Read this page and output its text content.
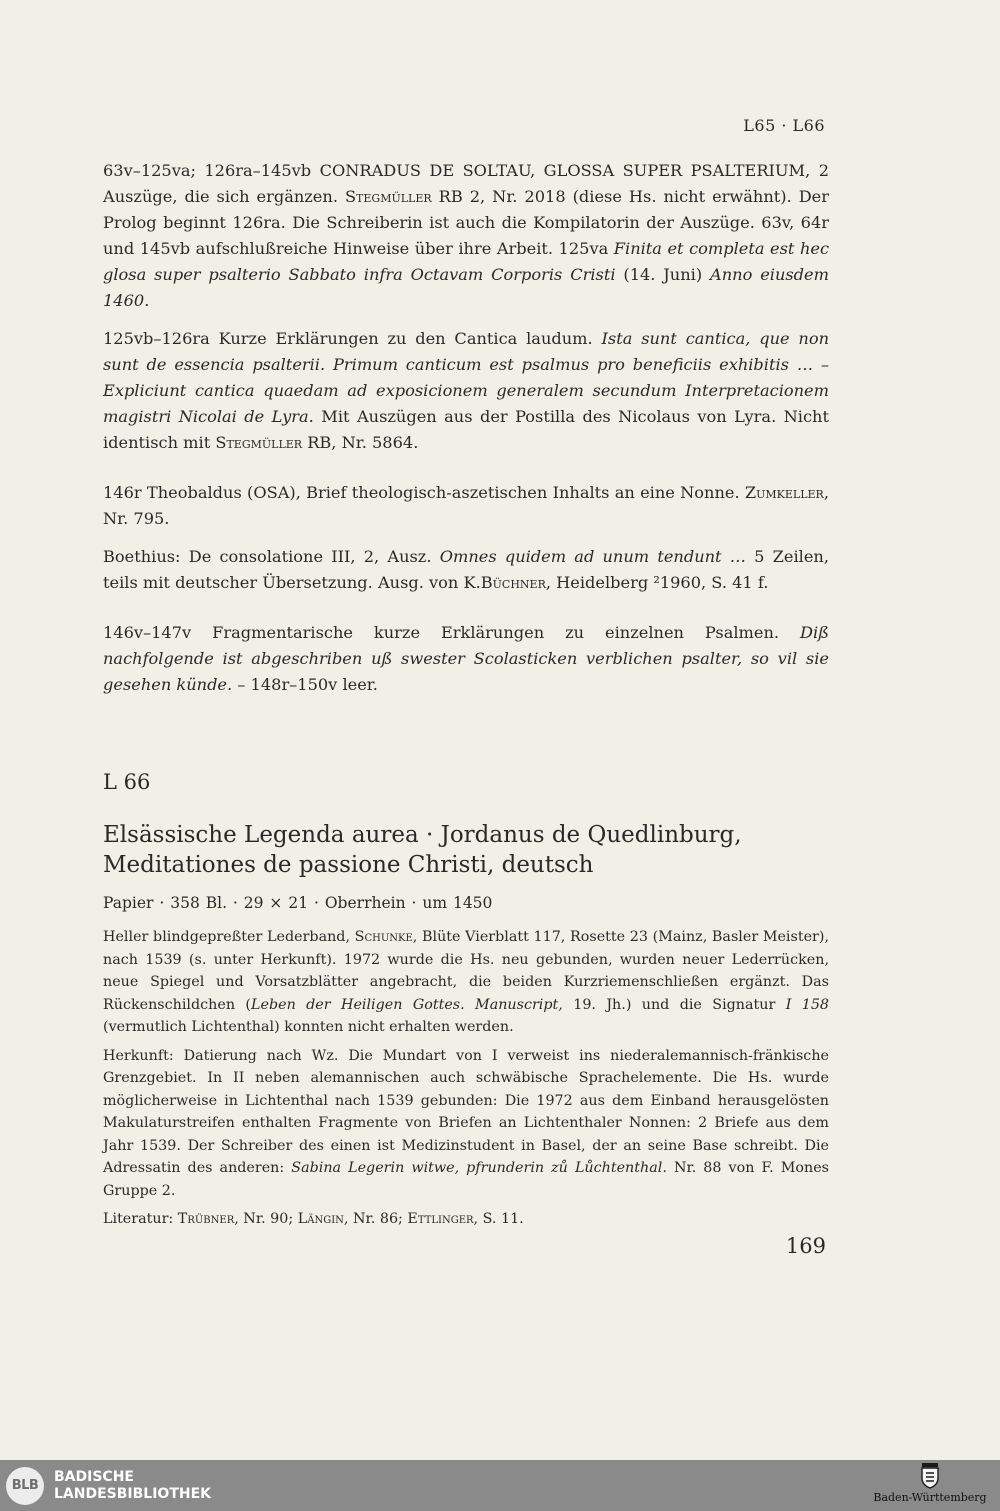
L65 · L66

63v–125va; 126ra–145vb CONRADUS DE SOLTAU, GLOSSA SUPER PSALTERIUM, 2 Auszüge, die sich ergänzen. Stegmüller RB 2, Nr. 2018 (diese Hs. nicht erwähnt). Der Prolog beginnt 126ra. Die Schreiberin ist auch die Kompilatorin der Auszüge. 63v, 64r und 145vb aufschlußreiche Hinweise über ihre Arbeit. 125va Finita et completa est hec glosa super psalterio Sabbato infra Octavam Corporis Cristi (14. Juni) Anno eiusdem 1460.

125vb–126ra Kurze Erklärungen zu den Cantica laudum. Ista sunt cantica, que non sunt de essencia psalterii. Primum canticum est psalmus pro beneficiis exhibitis … – Expliciunt cantica quaedam ad exposicionem generalem secundum Interpretacionem magistri Nicolai de Lyra. Mit Auszügen aus der Postilla des Nicolaus von Lyra. Nicht identisch mit Stegmüller RB, Nr. 5864.

146r Theobaldus (OSA), Brief theologisch-aszetischen Inhalts an eine Nonne. Zumkeller, Nr. 795.

Boethius: De consolatione III, 2, Ausz. Omnes quidem ad unum tendunt … 5 Zeilen, teils mit deutscher Übersetzung. Ausg. von K.Büchner, Heidelberg ²1960, S. 41 f.

146v–147v Fragmentarische kurze Erklärungen zu einzelnen Psalmen. Diß nachfolgende ist abgeschriben uß swester Scolasticken verblichen psalter, so vil sie gesehen künde. – 148r–150v leer.

L 66

Elsässische Legenda aurea · Jordanus de Quedlinburg, Meditationes de passione Christi, deutsch

Papier · 358 Bl. · 29 × 21 · Oberrhein · um 1450

Heller blindgepreßter Lederband, Schunke, Blüte Vierblatt 117, Rosette 23 (Mainz, Basler Meister), nach 1539 (s. unter Herkunft). 1972 wurde die Hs. neu gebunden, wurden neuer Lederrücken, neue Spiegel und Vorsatzblätter angebracht, die beiden Kurzriemenschließen ergänzt. Das Rückenschildchen (Leben der Heiligen Gottes. Manuscript, 19. Jh.) und die Signatur I 158 (vermutlich Lichtenthal) konnten nicht erhalten werden.

Herkunft: Datierung nach Wz. Die Mundart von I verweist ins niederalemannisch-fränkische Grenzgebiet. In II neben alemannischen auch schwäbische Sprachelemente. Die Hs. wurde möglicherweise in Lichtenthal nach 1539 gebunden: Die 1972 aus dem Einband herausgelösten Makulaturstreifen enthalten Fragmente von Briefen an Lichtenthaler Nonnen: 2 Briefe aus dem Jahr 1539. Der Schreiber des einen ist Medizinstudent in Basel, der an seine Base schreibt. Die Adressatin des anderen: Sabina Legerin witwe, pfrunderin zů Lůchtenthal. Nr. 88 von F. Mones Gruppe 2.

Literatur: Trübner, Nr. 90; Längin, Nr. 86; Ettlinger, S. 11.

169
BLB
BADISCHE
LANDESBIBLIOTHEK	Baden-Württemberg
